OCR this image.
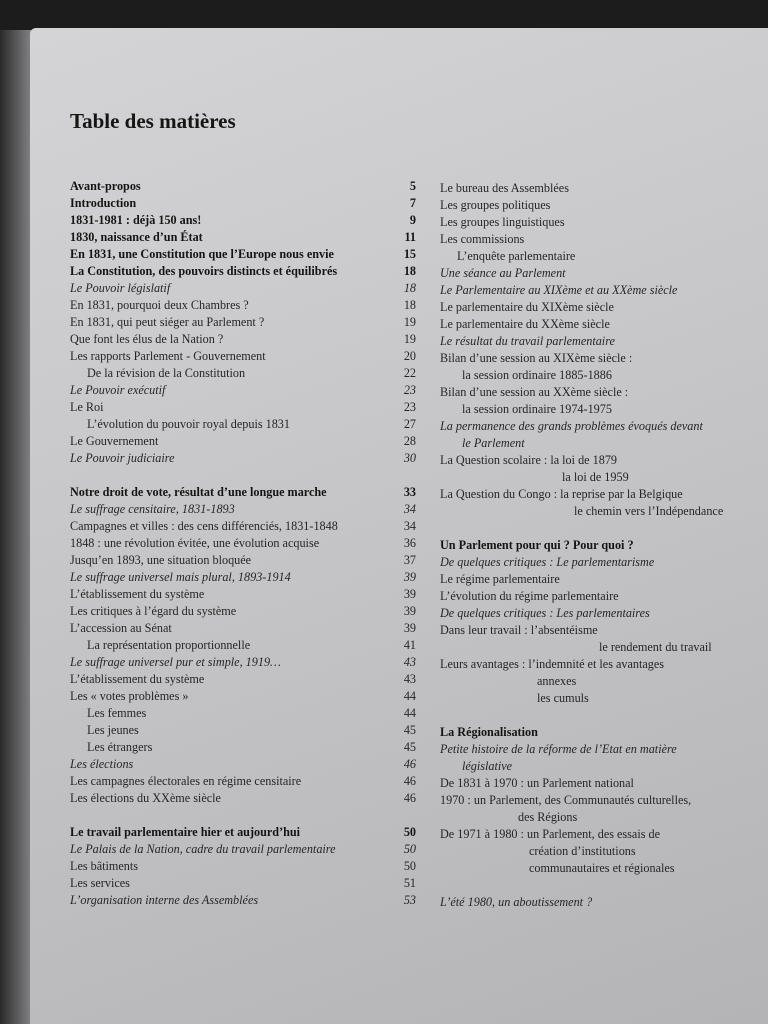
Table des matières
Avant-propos	5
Introduction	7
1831-1981 : déjà 150 ans!	9
1830, naissance d’un État	11
En 1831, une Constitution que l’Europe nous envie	15
La Constitution, des pouvoirs distincts et équilibrés	18
Le Pouvoir législatif	18
En 1831, pourquoi deux Chambres ?	18
En 1831, qui peut siéger au Parlement ?	19
Que font les élus de la Nation ?	19
Les rapports Parlement - Gouvernement	20
De la révision de la Constitution	22
Le Pouvoir exécutif	23
Le Roi	23
L’évolution du pouvoir royal depuis 1831	27
Le Gouvernement	28
Le Pouvoir judiciaire	30
Notre droit de vote, résultat d’une longue marche	33
Le suffrage censitaire, 1831-1893	34
Campagnes et villes : des cens différenciés, 1831-1848	34
1848 : une révolution évitée, une évolution acquise	36
Jusqu’en 1893, une situation bloquée	37
Le suffrage universel mais plural, 1893-1914	39
L’établissement du système	39
Les critiques à l’égard du système	39
L’accession au Sénat	39
La représentation proportionnelle	41
Le suffrage universel pur et simple, 1919…	43
L’établissement du système	43
Les « votes problèmes »	44
Les femmes	44
Les jeunes	45
Les étrangers	45
Les élections	46
Les campagnes électorales en régime censitaire	46
Les élections du XXème siècle	46
Le travail parlementaire hier et aujourd’hui	50
Le Palais de la Nation, cadre du travail parlementaire	50
Les bâtiments	50
Les services	51
L’organisation interne des Assemblées	53
Le bureau des Assemblées
Les groupes politiques
Les groupes linguistiques
Les commissions
L’enquête parlementaire
Une séance au Parlement
Le Parlementaire au XIXème et au XXème siècle
Le parlementaire du XIXème siècle
Le parlementaire du XXème siècle
Le résultat du travail parlementaire
Bilan d’une session au XIXème siècle :
la session ordinaire 1885-1886
Bilan d’une session au XXème siècle :
la session ordinaire 1974-1975
La permanence des grands problèmes évoqués devant
le Parlement
La Question scolaire : la loi de 1879
la loi de 1959
La Question du Congo : la reprise par la Belgique
le chemin vers l’Indépendance
Un Parlement pour qui ? Pour quoi ?
De quelques critiques : Le parlementarisme
Le régime parlementaire
L’évolution du régime parlementaire
De quelques critiques : Les parlementaires
Dans leur travail : l’absentéisme
le rendement du travail
Leurs avantages : l’indemnité et les avantages
annexes
les cumuls
La Régionalisation
Petite histoire de la réforme de l’Etat en matière
législative
De 1831 à 1970 : un Parlement national
1970 : un Parlement, des Communautés culturelles,
des Régions
De 1971 à 1980 : un Parlement, des essais de
création d’institutions
communautaires et régionales
L’été 1980, un aboutissement ?
